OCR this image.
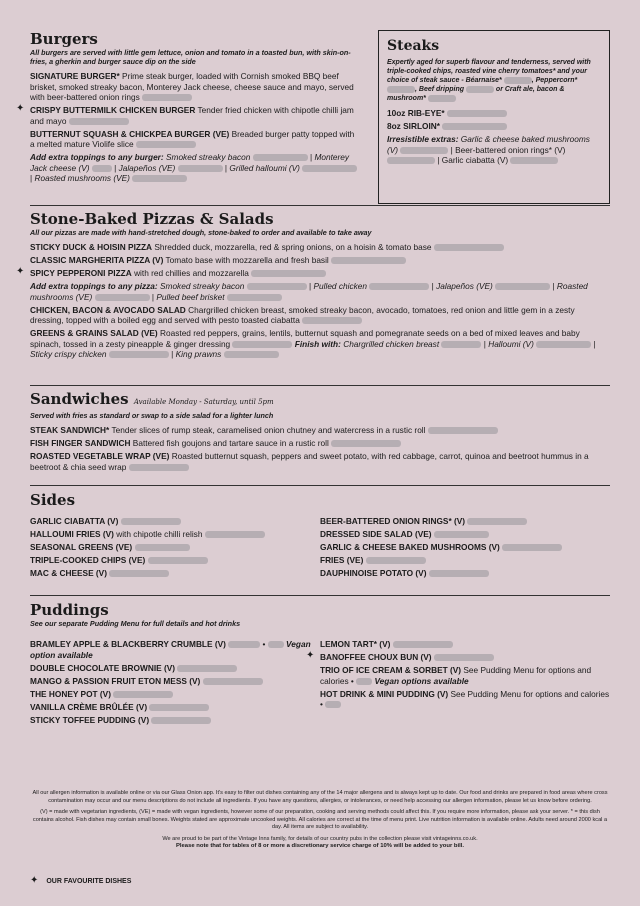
Burgers

All burgers are served with little gem lettuce, onion and tomato in a toasted bun, with skin-on-fries, a gherkin and burger sauce dip on the side

SIGNATURE BURGER* Prime steak burger, loaded with Cornish smoked BBQ beef brisket, smoked streaky bacon, Monterey Jack cheese, cheese sauce and mayo, served with beer-battered onion rings

✦ CRISPY BUTTERMILK CHICKEN BURGER Tender fried chicken with chipotle chilli jam and mayo

BUTTERNUT SQUASH & CHICKPEA BURGER (VE) Breaded burger patty topped with a melted mature Violife slice

Add extra toppings to any burger: Smoked streaky bacon	| Monterey Jack cheese (V)	| Jalapeños (VE)	| Grilled halloumi (V)  | Roasted mushrooms (VE)

Steaks

Expertly aged for superb flavour and tenderness, served with triple-cooked chips, roasted vine cherry tomatoes* and your choice of steak sauce - Béarnaise*	, Peppercorn* , Beef dripping	or Craft ale, bacon & mushroom*

10oz RIB-EYE*

8oz SIRLOIN*

Irresistible extras: Garlic & cheese baked mushrooms (V)	| Beer-battered onion rings* (V)  | Garlic ciabatta (V)

Stone-Baked Pizzas & Salads

All our pizzas are made with hand-stretched dough, stone-baked to order and available to take away

STICKY DUCK & HOISIN PIZZA Shredded duck, mozzarella, red & spring onions, on a hoisin & tomato base

CLASSIC MARGHERITA PIZZA (V) Tomato base with mozzarella and fresh basil

✦ SPICY PEPPERONI PIZZA with red chillies and mozzarella

Add extra toppings to any pizza: Smoked streaky bacon	| Pulled chicken	| Jalapeños (VE)	| Roasted mushrooms (VE)	| Pulled beef brisket

CHICKEN, BACON & AVOCADO SALAD Chargrilled chicken breast, smoked streaky bacon, avocado, tomatoes, red onion and little gem in a zesty dressing, topped with a boiled egg and served with pesto toasted ciabatta

GREENS & GRAINS SALAD (VE) Roasted red peppers, grains, lentils, butternut squash and pomegranate seeds on a bed of mixed leaves and baby spinach, tossed in a zesty pineapple & ginger dressing	Finish with: Chargrilled chicken breast	| Halloumi (V)	| Sticky crispy chicken	| King prawns

Sandwiches Available Monday - Saturday, until 5pm

Served with fries as standard or swap to a side salad for a lighter lunch

STEAK SANDWICH* Tender slices of rump steak, caramelised onion chutney and watercress in a rustic roll

FISH FINGER SANDWICH Battered fish goujons and tartare sauce in a rustic roll

ROASTED VEGETABLE WRAP (VE) Roasted butternut squash, peppers and sweet potato, with red cabbage, carrot, quinoa and beetroot hummus in a beetroot & chia seed wrap

Sides

GARLIC CIABATTA (V)

HALLOUMI FRIES (V) with chipotle chilli relish

SEASONAL GREENS (VE)

TRIPLE-COOKED CHIPS (VE)

MAC & CHEESE (V)

BEER-BATTERED ONION RINGS* (V)

DRESSED SIDE SALAD (VE)

GARLIC & CHEESE BAKED MUSHROOMS (V)

FRIES (VE)

DAUPHINOISE POTATO (V)

Puddings

See our separate Pudding Menu for full details and hot drinks

BRAMLEY APPLE & BLACKBERRY CRUMBLE (V)	•  Vegan option available

DOUBLE CHOCOLATE BROWNIE (V)

MANGO & PASSION FRUIT ETON MESS (V)

THE HONEY POT (V)

VANILLA CRÈME BRÛLÉE (V)

STICKY TOFFEE PUDDING (V)

LEMON TART* (V)

✦ BANOFFEE CHOUX BUN (V)

TRIO OF ICE CREAM & SORBET (V) See Pudding Menu for options and calories • Vegan options available

HOT DRINK & MINI PUDDING (V) See Pudding Menu for options and calories •

All our allergen information is available online or via our Glass Onion app. It's easy to filter out dishes containing any of the 14 major allergens and is always kept up to date. Our food and drinks are prepared in food areas where cross contamination may occur and our menu descriptions do not include all ingredients. If you have any questions, allergies, or intolerances, or need help accessing our allergen information, please let us know before ordering.

(V) = made with vegetarian ingredients, (VE) = made with vegan ingredients, however some of our preparation, cooking and serving methods could affect this. If you require more information, please ask your server. * = this dish contains alcohol. Fish dishes may contain small bones. Weights stated are approximate uncooked weights. All calories are correct at the time of menu print. Live nutrition information is available online. Adults need around 2000 kcal a day. All items are subject to availability.

We are proud to be part of the Vintage Inns family, for details of our country pubs in the collection please visit vintageinns.co.uk.

Please note that for tables of 8 or more a discretionary service charge of 10% will be added to your bill.

✦ OUR FAVOURITE DISHES
